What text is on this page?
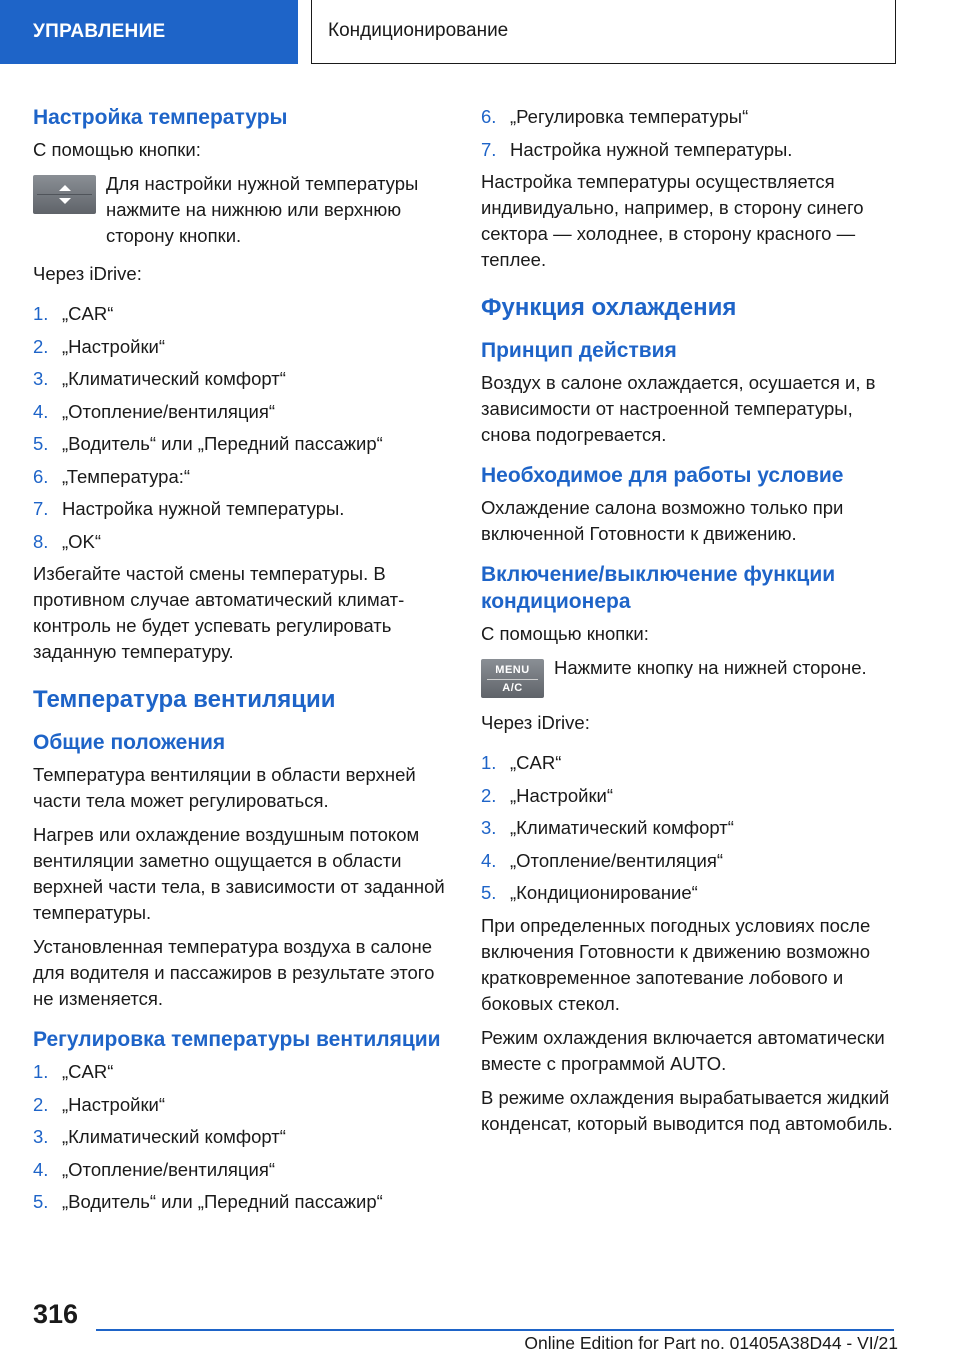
УПРАВЛЕНИЕ	Кондиционирование
Настройка температуры
С помощью кнопки:
Для настройки нужной температуры нажмите на нижнюю или верхнюю сторону кнопки.
Через iDrive:
1. „CAR“
2. „Настройки“
3. „Климатический комфорт“
4. „Отопление/вентиляция“
5. „Водитель“ или „Передний пассажир“
6. „Температура:“
7. Настройка нужной температуры.
8. „OK“
Избегайте частой смены температуры. В противном случае автоматический климат-контроль не будет успевать регулировать заданную температуру.
Температура вентиляции
Общие положения
Температура вентиляции в области верхней части тела может регулироваться.
Нагрев или охлаждение воздушным потоком вентиляции заметно ощущается в области верхней части тела, в зависимости от заданной температуры.
Установленная температура воздуха в салоне для водителя и пассажиров в результате этого не изменяется.
Регулировка температуры вентиляции
1. „CAR“
2. „Настройки“
3. „Климатический комфорт“
4. „Отопление/вентиляция“
5. „Водитель“ или „Передний пассажир“
6. „Регулировка температуры“
7. Настройка нужной температуры.
Настройка температуры осуществляется индивидуально, например, в сторону синего сектора — холоднее, в сторону красного — теплее.
Функция охлаждения
Принцип действия
Воздух в салоне охлаждается, осушается и, в зависимости от настроенной температуры, снова подогревается.
Необходимое для работы условие
Охлаждение салона возможно только при включенной Готовности к движению.
Включение/выключение функции кондиционера
С помощью кнопки:
MENU
A/C
Нажмите кнопку на нижней стороне.
Через iDrive:
1. „CAR“
2. „Настройки“
3. „Климатический комфорт“
4. „Отопление/вентиляция“
5. „Кондиционирование“
При определенных погодных условиях после включения Готовности к движению возможно кратковременное запотевание лобового и боковых стекол.
Режим охлаждения включается автоматически вместе с программой AUTO.
В режиме охлаждения вырабатывается жидкий конденсат, который выводится под автомобиль.
316
Online Edition for Part no. 01405A38D44 - VI/21
